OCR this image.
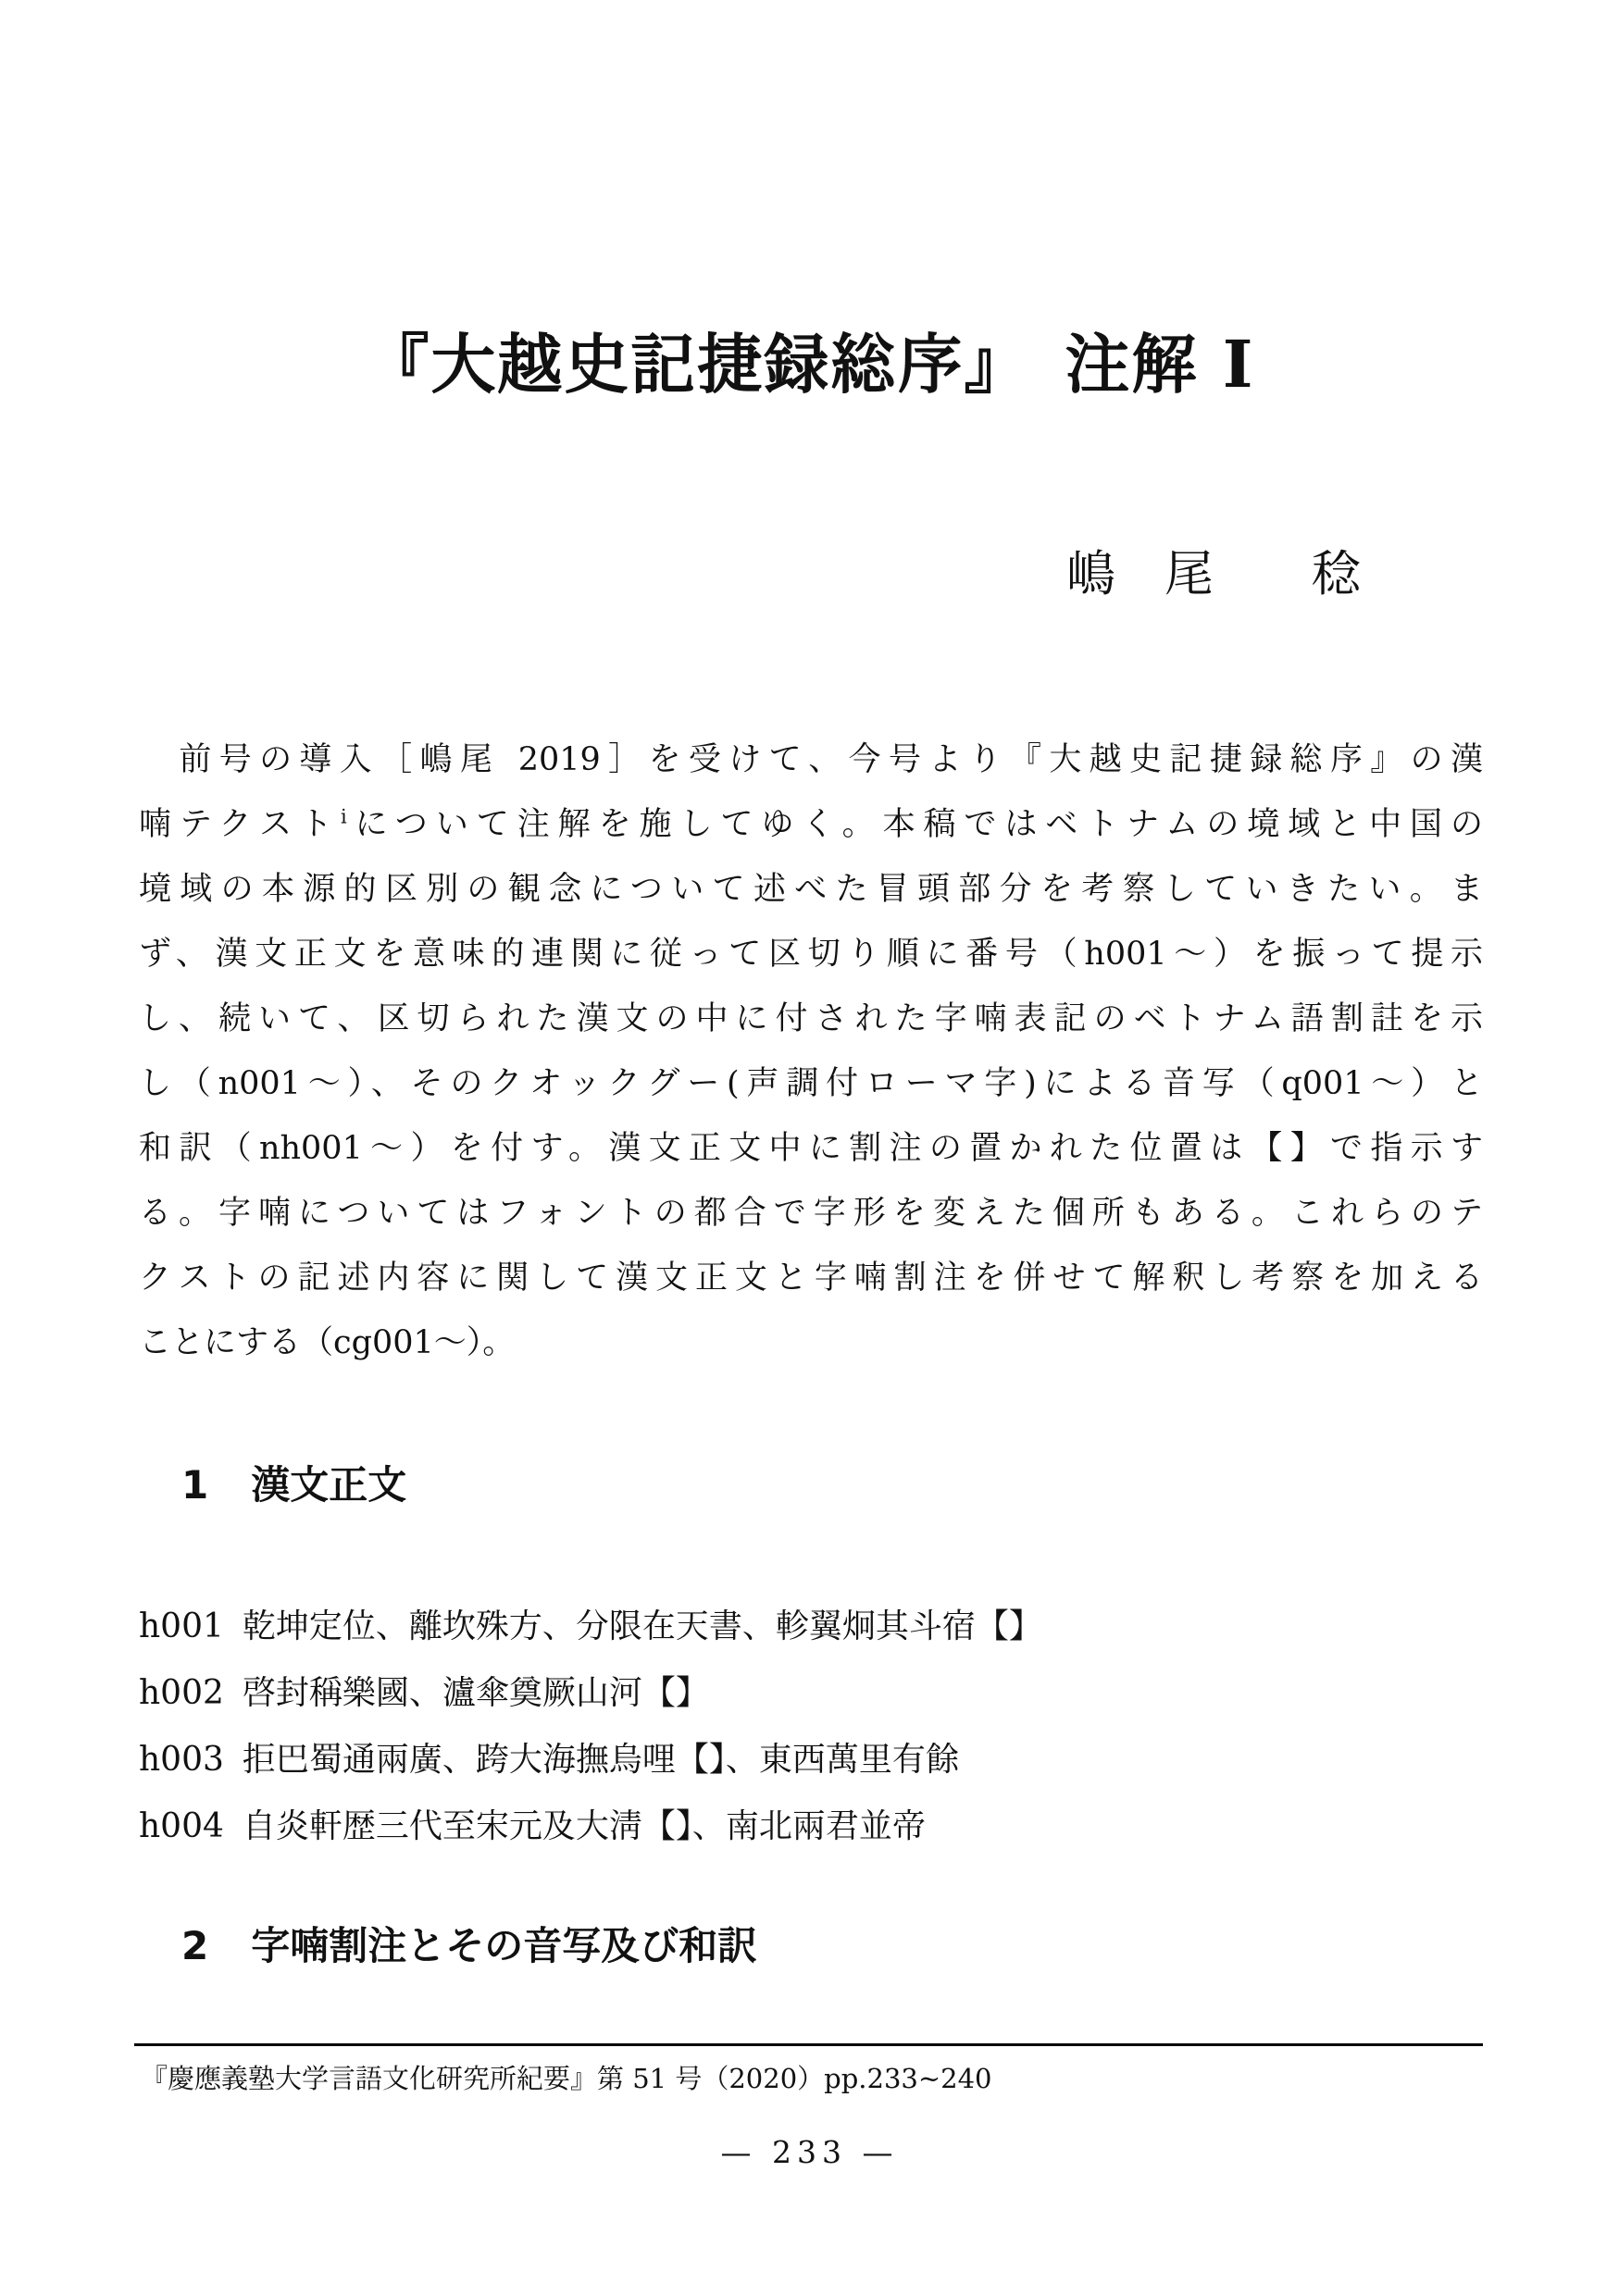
『大越史記捷録総序』　注解 Ⅰ
嶋　尾　　稔
　前号の導入［嶋尾 2019］を受けて、今号より『大越史記捷録総序』の漢
喃テクスト$^i$について注解を施してゆく。本稿ではベトナムの境域と中国の
境域の本源的区別の観念について述べた冒頭部分を考察していきたい。ま
ず、漢文正文を意味的連関に従って区切り順に番号（h001～）を振って提示
し、続いて、区切られた漢文の中に付された字喃表記のベトナム語割註を示
し（n001～）、そのクオックグー(声調付ローマ字)による音写（q001～）と
和訳（nh001～）を付す。漢文正文中に割注の置かれた位置は【】で指示す
る。字喃についてはフォントの都合で字形を変えた個所もある。これらのテ
クストの記述内容に関して漢文正文と字喃割注を併せて解釈し考察を加える
ことにする（cg001～）。
1 漢文正文
h001 乾坤定位、離坎殊方、分限在天書、軫翼炯其斗宿【】
h002 啓封稱樂國、瀘傘奠厥山河【】
h003 拒巴蜀通兩廣、跨大海撫烏哩【】、東西萬里有餘
h004 自炎軒歴三代至宋元及大淸【】、南北兩君並帝
2 字喃割注とその音写及び和訳
『慶應義塾大学言語文化研究所紀要』第 51 号（2020）pp.233~240
— 233 —
